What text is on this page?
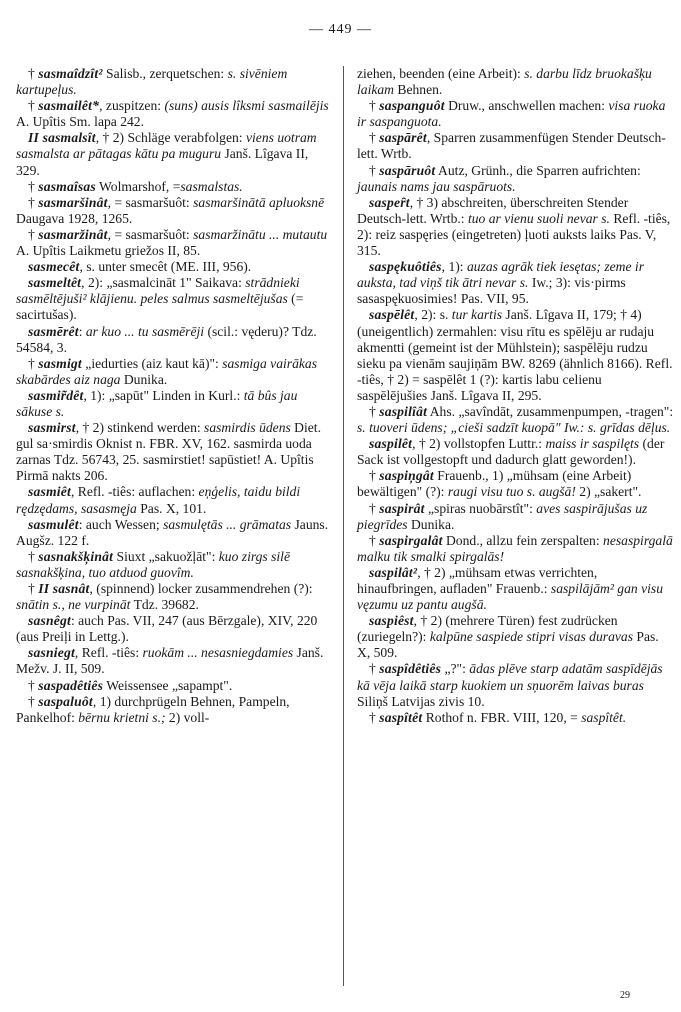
— 449 —

† sasmaîdzît² Salisb., zerquetschen: s. sivēniem kartupeļus.

† sasmailêt*, zuspitzen: (suns) ausis lîksmi sasmailējis A. Upîtis Sm. lapa 242.

II sasmalsît, † 2) Schläge verabfolgen: viens uotram sasmalsta ar pātagas kātu pa muguru Janš. Lîgava II, 329.

† sasmaîsas Wolmarshof, =sasmalstas.

† sasmaršinât, = sasmaršuôt: sasmaršinātā apluoksnē Daugava 1928, 1265.

† sasmaržinât, = sasmaršuôt: sasmaržinātu ... mutautu A. Upîtis Laikmetu griežos II, 85.

sasmecêt, s. unter smecêt (ME. III, 956).

sasmeltêt, 2): „sasmalcināt 1" Saikava: strādnieki sasmēltējuši² klājienu. peles salmus sasmeltējušas (= sacirtušas).

sasmērêt: ar kuo ... tu sasmērēji (scil.: vęderu)? Tdz. 54584, 3.

† sasmigt „iedurties (aiz kaut kā)": sasmiga vairākas skabārdes aiz naga Dunika.

sasmir̃dêt, 1): „sapūt" Linden in Kurl.: tā bûs jau sākuse s.

sasmirst, † 2) stinkend werden: sasmirdis ūdens Diet. gul sa·smirdis Oknist n. FBR. XV, 162. sasmirda uoda zarnas Tdz. 56743, 25. sasmirstiet! sapūstiet! A. Upîtis Pirmā nakts 206.

sasmiêt, Refl. -tiês: auflachen: eņģelis, taidu bildi rędzędams, sasasmęja Pas. X, 101.

sasmulêt: auch Wessen; sasmulętās ... grāmatas Jauns. Augšz. 122 f.

† sasnakšķinât Siuxt „sakuožļāt": kuo zirgs silē sasnakšķina, tuo atduod guovîm.

† II sasnât, (spinnend) locker zusammendrehen (?): snātin s., ne vurpināt Tdz. 39682.

sasnêgt: auch Pas. VII, 247 (aus Bērzgale), XIV, 220 (aus Preiļi in Lettg.).

sasniegt, Refl. -tiês: ruokām ... nesasniegdamies Janš. Mežv. J. II, 509.

† saspadêtiês Weissensee „sapampt".

† saspaluôt, 1) durchprügeln Behnen, Pampeln, Pankelhof: bērnu krietni s.; 2) voll-

ziehen, beenden (eine Arbeit): s. darbu līdz bruokašķu laikam Behnen.

† saspanguôt Druw., anschwellen machen: visa ruoka ir saspanguota.

† saspārêt, Sparren zusammenfügen Stender Deutsch-lett. Wrtb.

† saspāruôt Autz, Grünh., die Sparren aufrichten: jaunais nams jau saspāruots.

saspeȓt, † 3) abschreiten, überschreiten Stender Deutsch-lett. Wrtb.: tuo ar vienu suoli nevar s. Refl. -tiês, 2): reiz saspęries (eingetreten) ļuoti auksts laiks Pas. V, 315.

saspękuôtiês, 1): auzas agrāk tiek iesętas; zeme ir auksta, tad viņš tik ātri nevar s. Iw.; 3): vis·pirms sasaspękuosimies! Pas. VII, 95.

saspēlêt, 2): s. tur kartis Janš. Lîgava II, 179; † 4) (uneigentlich) zermahlen: visu rītu es spēlēju ar rudaju akmentti (gemeint ist der Mühlstein); saspēlēju rudzu sieku pa vienām saujiņām BW. 8269 (ähnlich 8166). Refl. -tiês, † 2) = saspēlêt 1 (?): kartis labu celienu saspēlējušies Janš. Lîgava II, 295.

† saspilîât Ahs. „savîndāt, zusammenpumpen, -tragen": s. tuoveri ūdens; „cieši sadzīt kuopā" Iw.: s. grīdas dēļus.

saspilêt, † 2) vollstopfen Luttr.: maiss ir saspilęts (der Sack ist vollgestopft und dadurch glatt geworden!).

† saspiņgât Frauenb., 1) „mühsam (eine Arbeit) bewältigen" (?): raugi visu tuo s. augšā! 2) „sakert".

† saspirât „spiras nuobārstît": aves saspirājušas uz piegrīdes Dunika.

† saspirgalât Dond., allzu fein zerspalten: nesaspirgalā malku tik smalki spirgalās!

saspilât², † 2) „mühsam etwas verrichten, hinaufbringen, aufladen" Frauenb.: saspilājām² gan visu vęzumu uz pantu augšā.

saspiêst, † 2) (mehrere Türen) fest zudrücken (zuriegeln?): kalpūne saspiede stipri visas duravas Pas. X, 509.

† saspîdêtiês „?": ādas plēve starp adatām saspīdējās kā vēja laikā starp kuokiem un sņuorēm laivas buras Siliņš Latvijas zivis 10.

† saspîtêt Rothof n. FBR. VIII, 120, = saspîtêt.

29
